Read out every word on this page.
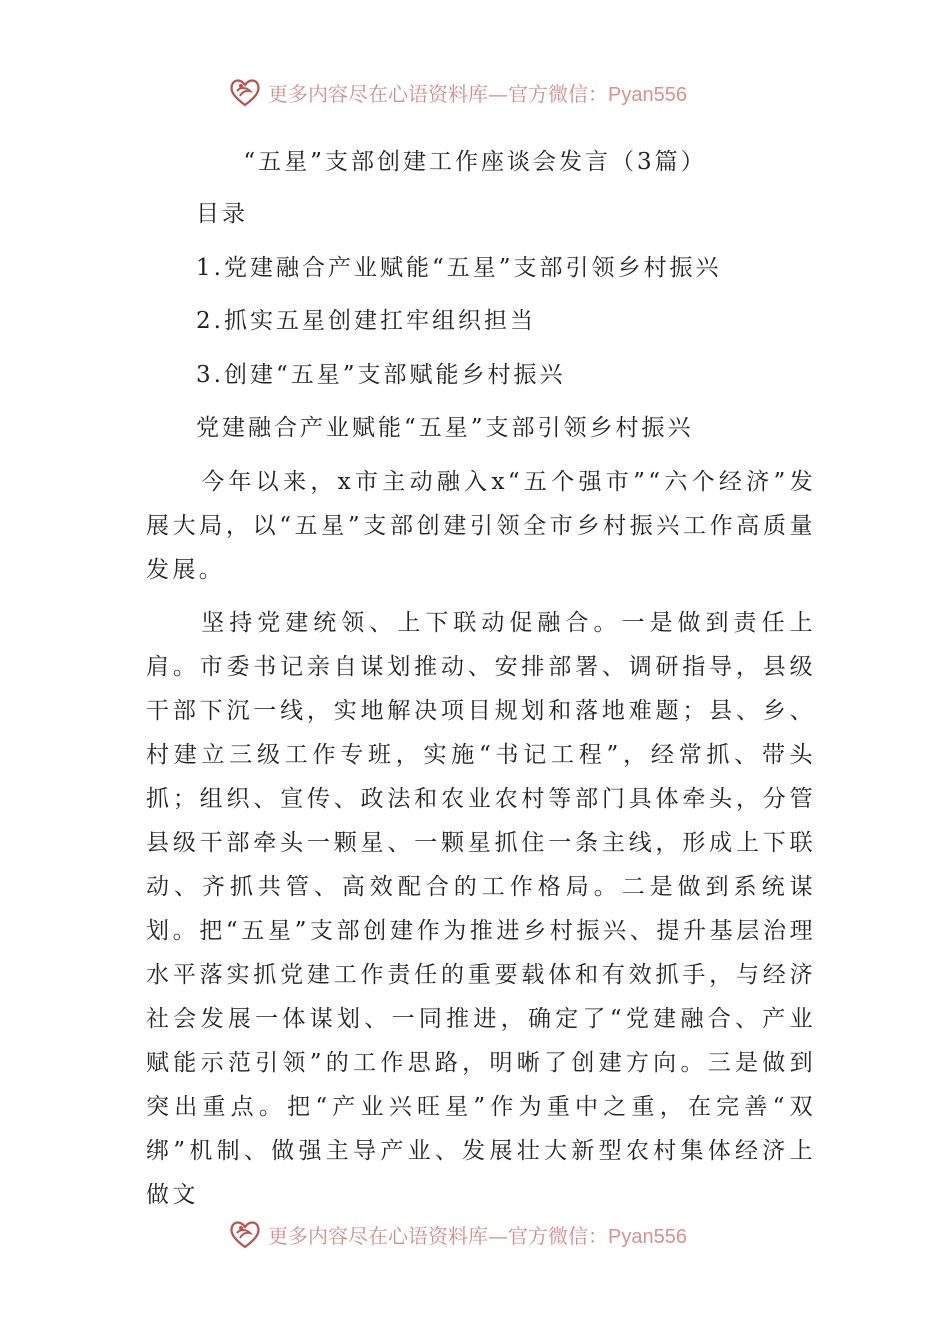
更多内容尽在心语资料库—官方微信：Pyan556
“五星”支部创建工作座谈会发言（3篇）
目录
1.党建融合产业赋能“五星”支部引领乡村振兴
2.抓实五星创建扛牢组织担当
3.创建“五星”支部赋能乡村振兴
党建融合产业赋能“五星”支部引领乡村振兴

今年以来，x市主动融入x“五个强市”“六个经济”发展大局，以“五星”支部创建引领全市乡村振兴工作高质量发展。

坚持党建统领、上下联动促融合。一是做到责任上肩。市委书记亲自谋划推动、安排部署、调研指导，县级干部下沉一线，实地解决项目规划和落地难题；县、乡、村建立三级工作专班，实施“书记工程”，经常抓、带头抓；组织、宣传、政法和农业农村等部门具体牵头，分管县级干部牵头一颗星、一颗星抓住一条主线，形成上下联动、齐抓共管、高效配合的工作格局。二是做到系统谋划。把“五星”支部创建作为推进乡村振兴、提升基层治理水平落实抓党建工作责任的重要载体和有效抓手，与经济社会发展一体谋划、一同推进，确定了“党建融合、产业赋能示范引领”的工作思路，明晰了创建方向。三是做到突出重点。把“产业兴旺星”作为重中之重，在完善“双绑”机制、做强主导产业、发展壮大新型农村集体经济上做文

更多内容尽在心语资料库—官方微信：Pyan556
